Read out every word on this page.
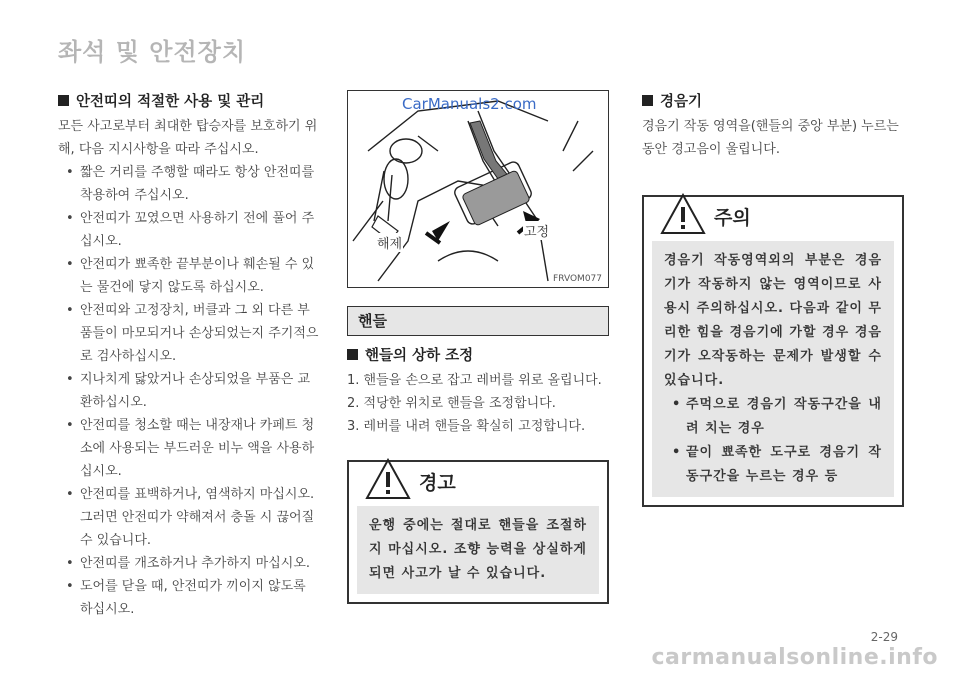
좌석 및 안전장치
안전띠의 적절한 사용 및 관리
모든 사고로부터 최대한 탑승자를 보호하기 위해, 다음 지시사항을 따라 주십시오.
• 짧은 거리를 주행할 때라도 항상 안전띠를 착용하여 주십시오.
• 안전띠가 꼬였으면 사용하기 전에 풀어 주십시오.
• 안전띠가 뾰족한 끝부분이나 훼손될 수 있는 물건에 닿지 않도록 하십시오.
• 안전띠와 고정장치, 버클과 그 외 다른 부품들이 마모되거나 손상되었는지 주기적으로 검사하십시오.
• 지나치게 닳았거나 손상되었을 부품은 교환하십시오.
• 안전띠를 청소할 때는 내장재나 카페트 청소에 사용되는 부드러운 비누 액을 사용하십시오.
• 안전띠를 표백하거나, 염색하지 마십시오. 그러면 안전띠가 약해져서 충돌 시 끊어질 수 있습니다.
• 안전띠를 개조하거나 추가하지 마십시오.
• 도어를 닫을 때, 안전띠가 끼이지 않도록 하십시오.
CarManuals2.com
해제
고정
FRVOM077
핸들
핸들의 상하 조정
1. 핸들을 손으로 잡고 레버를 위로 올립니다.
2. 적당한 위치로 핸들을 조정합니다.
3. 레버를 내려 핸들을 확실히 고정합니다.
경고
운행 중에는 절대로 핸들을 조절하지 마십시오. 조향 능력을 상실하게 되면 사고가 날 수 있습니다.
경음기
경음기 작동 영역을(핸들의 중앙 부분) 누르는 동안 경고음이 울립니다.
주의
경음기 작동영역외의 부분은 경음기가 작동하지 않는 영역이므로 사용시 주의하십시오. 다음과 같이 무리한 힘을 경음기에 가할 경우 경음기가 오작동하는 문제가 발생할 수 있습니다.
• 주먹으로 경음기 작동구간을 내려 치는 경우
• 끝이 뾰족한 도구로 경음기 작동구간을 누르는 경우 등
2-29
carmanualsonline.info
